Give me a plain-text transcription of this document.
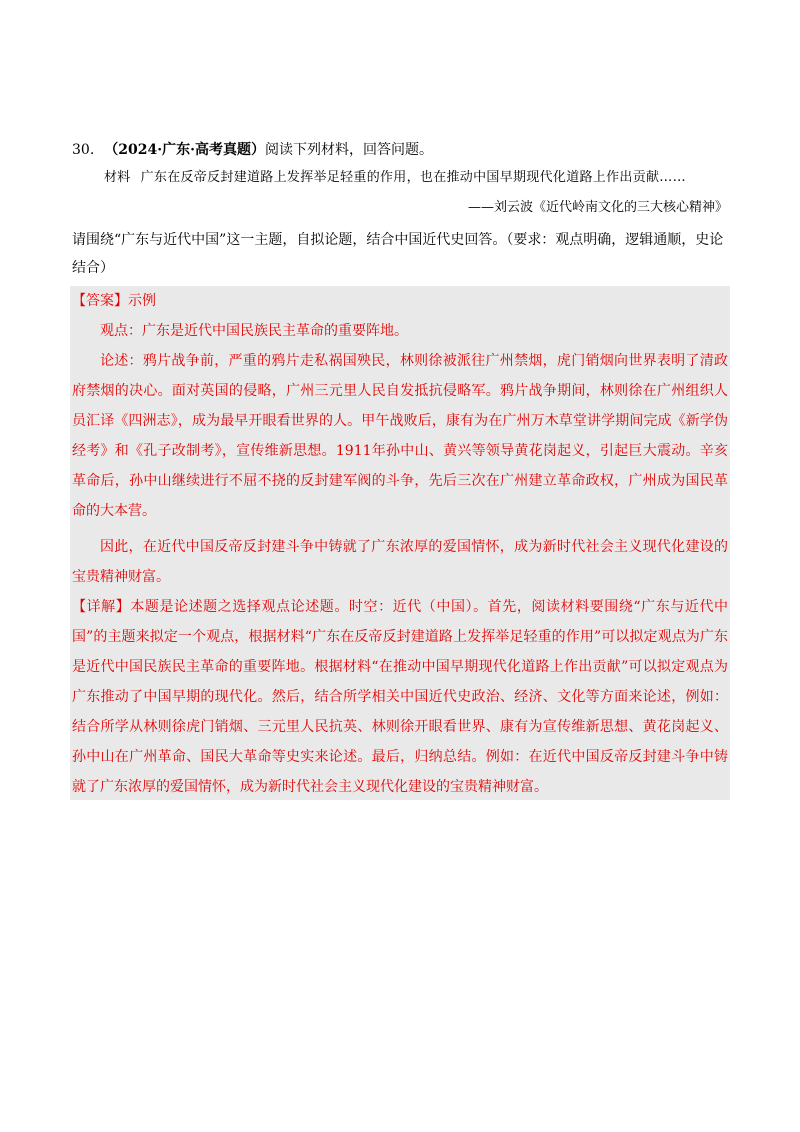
30. （2024·广东·高考真题）阅读下列材料，回答问题。
材料 广东在反帝反封建道路上发挥举足轻重的作用，也在推动中国早期现代化道路上作出贡献……
——刘云波《近代岭南文化的三大核心精神》
请围绕“广东与近代中国”这一主题，自拟论题，结合中国近代史回答。（要求：观点明确，逻辑通顺，史论结合）
【答案】示例
观点：广东是近代中国民族民主革命的重要阵地。
论述：鸦片战争前，严重的鸦片走私祸国殃民，林则徐被派往广州禁烟，虎门销烟向世界表明了清政府禁烟的决心。面对英国的侵略，广州三元里人民自发抵抗侵略军。鸦片战争期间，林则徐在广州组织人员汇译《四洲志》，成为最早开眼看世界的人。甲午战败后，康有为在广州万木草堂讲学期间完成《新学伪经考》和《孔子改制考》，宣传维新思想。1911年孙中山、黄兴等领导黄花岗起义，引起巨大震动。辛亥革命后，孙中山继续进行不屈不挠的反封建军阀的斗争，先后三次在广州建立革命政权，广州成为国民革命的大本营。
因此，在近代中国反帝反封建斗争中铸就了广东浓厚的爱国情怀，成为新时代社会主义现代化建设的宝贵精神财富。
【详解】本题是论述题之选择观点论述题。时空：近代（中国）。首先，阅读材料要围绕“广东与近代中国”的主题来拟定一个观点，根据材料“广东在反帝反封建道路上发挥举足轻重的作用”可以拟定观点为广东是近代中国民族民主革命的重要阵地。根据材料“在推动中国早期现代化道路上作出贡献”可以拟定观点为广东推动了中国早期的现代化。然后，结合所学相关中国近代史政治、经济、文化等方面来论述，例如：结合所学从林则徐虎门销烟、三元里人民抗英、林则徐开眼看世界、康有为宣传维新思想、黄花岗起义、孙中山在广州革命、国民大革命等史实来论述。最后，归纳总结。例如：在近代中国反帝反封建斗争中铸就了广东浓厚的爱国情怀，成为新时代社会主义现代化建设的宝贵精神财富。
